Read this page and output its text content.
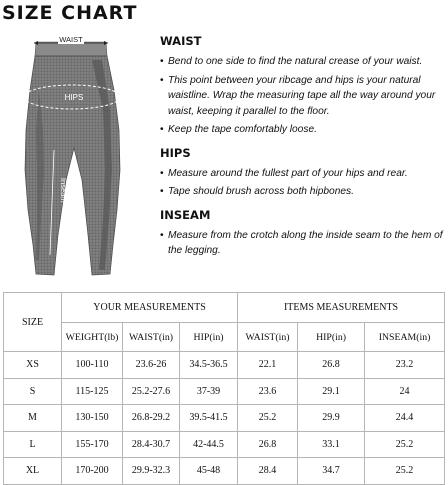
SIZE CHART
WAIST
HIPS
Inseam
WAIST
• Bend to one side to find the natural crease of your waist.
• This point between your ribcage and hips is your natural waistline. Wrap the measuring tape all the way around your waist, keeping it parallel to the floor.
• Keep the tape comfortably loose.
HIPS
• Measure around the fullest part of your hips and rear.
• Tape should brush across both hipbones.
INSEAM
• Measure from the crotch along the inside seam to the hem of the legging.
SIZE	YOUR MEASUREMENTS			ITEMS MEASUREMENTS		
	WEIGHT(lb)	WAIST(in)	HIP(in)	WAIST(in)	HIP(in)	INSEAM(in)
XS	100-110	23.6-26	34.5-36.5	22.1	26.8	23.2
S	115-125	25.2-27.6	37-39	23.6	29.1	24
M	130-150	26.8-29.2	39.5-41.5	25.2	29.9	24.4
L	155-170	28.4-30.7	42-44.5	26.8	33.1	25.2
XL	170-200	29.9-32.3	45-48	28.4	34.7	25.2
